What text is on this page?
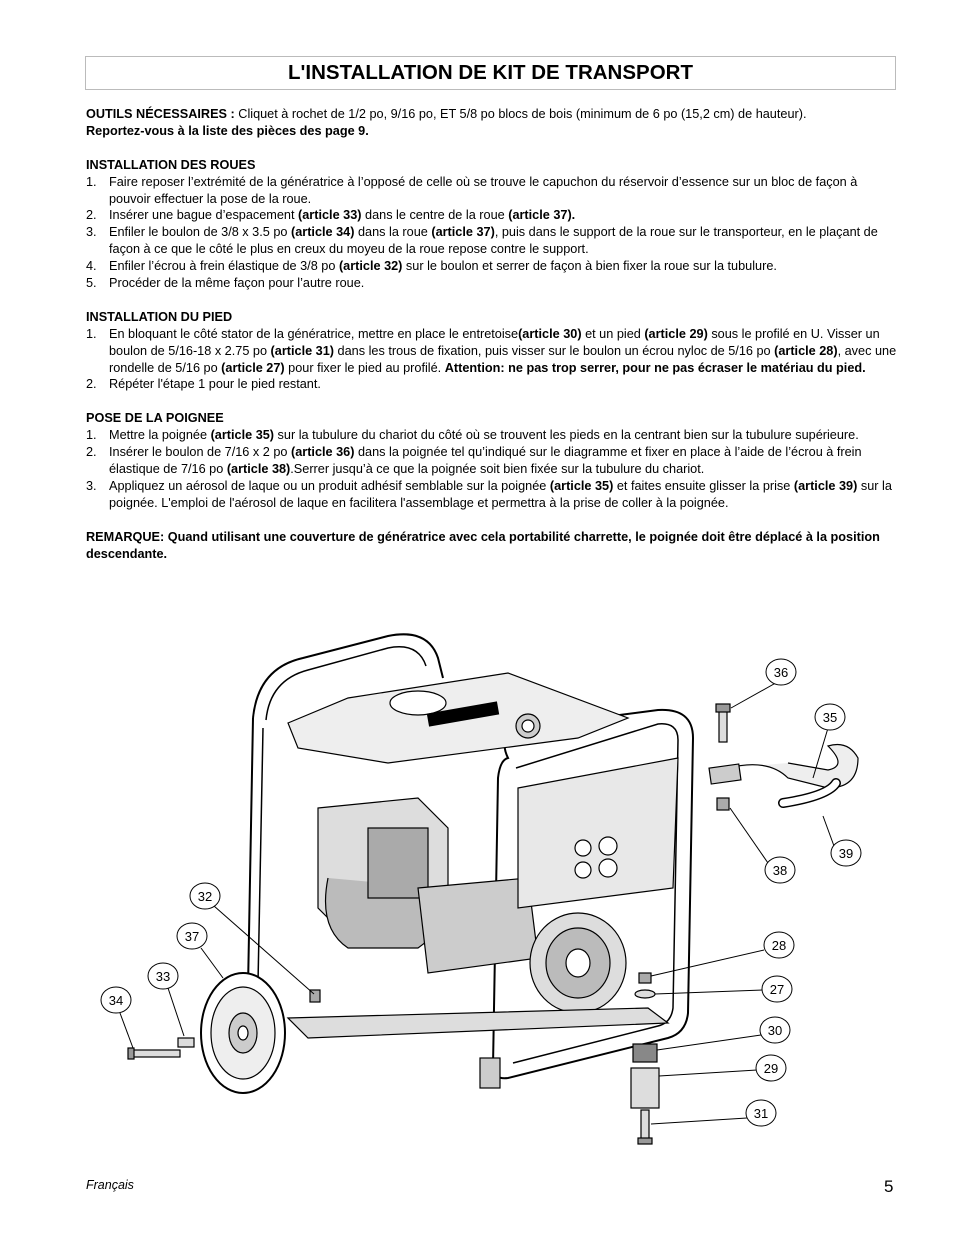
L'INSTALLATION DE KIT DE TRANSPORT

OUTILS NÉCESSAIRES : Cliquet à rochet de 1/2 po, 9/16 po, ET 5/8 po blocs de bois (minimum de 6 po (15,2 cm) de hauteur).
Reportez-vous à la liste des pièces des page 9.

INSTALLATION DES ROUES

1. Faire reposer l’extrémité de la génératrice à l’opposé de celle où se trouve le capuchon du réservoir d’essence sur un bloc de façon à pouvoir effectuer la pose de la roue.
2. Insérer une bague d’espacement (article 33) dans le centre de la roue (article 37).
3. Enfiler le boulon de 3/8 x 3.5 po (article 34) dans la roue (article 37), puis dans le support de la roue sur le transporteur, en le plaçant de façon à ce que le côté le plus en creux du moyeu de la roue repose contre le support.
4. Enfiler l’écrou à frein élastique de 3/8 po (article 32) sur le boulon et serrer de façon à bien fixer la roue sur la tubulure.
5. Procéder de la même façon pour l’autre roue.

INSTALLATION DU PIED

1. En bloquant le côté stator de la génératrice, mettre en place le entretoise(article 30) et un pied (article 29) sous le profilé en U. Visser un boulon de 5/16-18 x 2.75 po (article 31) dans les trous de fixation, puis visser sur le boulon un écrou nyloc de 5/16 po (article 28), avec une rondelle de 5/16 po (article 27) pour fixer le pied au profilé. Attention: ne pas trop serrer, pour ne pas écraser le matériau du pied.
2. Répéter l'étape 1 pour le pied restant.

POSE DE LA POIGNEE

1. Mettre la poignée (article 35) sur la tubulure du chariot du côté où se trouvent les pieds en la centrant bien sur la tubulure supérieure.
2. Insérer le boulon de 7/16 x 2 po (article 36) dans la poignée tel qu’indiqué sur le diagramme et fixer en place à l’aide de l’écrou à frein élastique de 7/16 po (article 38).Serrer jusqu’à ce que la poignée soit bien fixée sur la tubulure du chariot.
3. Appliquez un aérosol de laque ou un produit adhésif semblable sur la poignée (article 35) et faites ensuite glisser la prise (article 39) sur la poignée. L'emploi de l'aérosol de laque en facilitera l'assemblage et permettra à la prise de coller à la poignée.

REMARQUE: Quand utilisant une couverture de génératrice avec cela portabilité charrette, le poignée doit être déplacé à la position descendante.

36
35
39
38
28
27
30
29
31
32
37
33
34
Français	5
